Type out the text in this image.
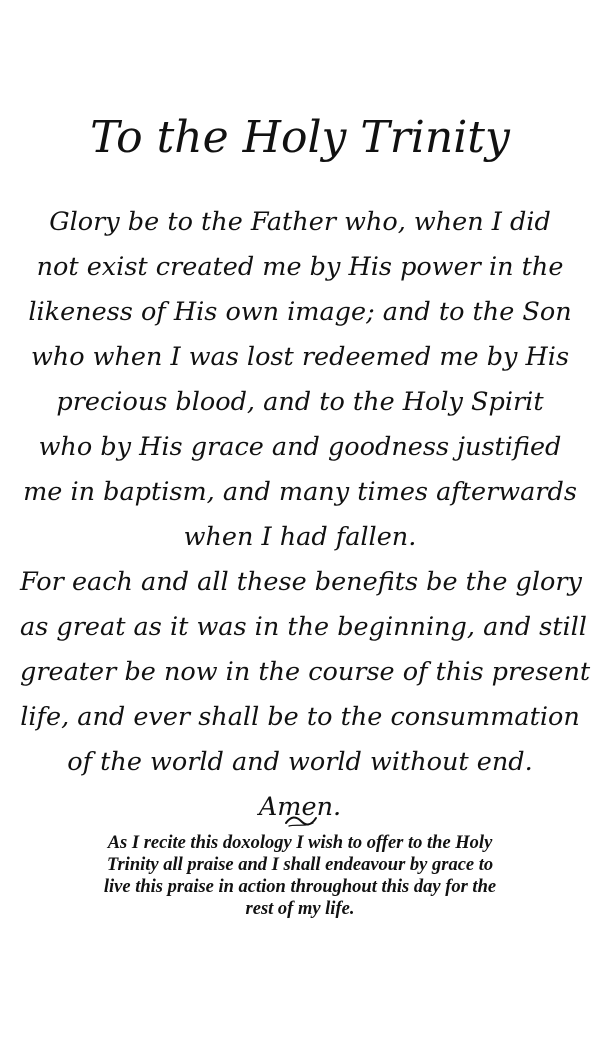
To the Holy Trinity

Glory be to the Father who, when I did
not exist created me by His power in the
likeness of His own image; and to the Son
who when I was lost redeemed me by His
precious blood, and to the Holy Spirit
who by His grace and goodness justified
me in baptism, and many times afterwards
when I had fallen.
For each and all these benefits be the glory
as great as it was in the beginning, and still
greater be now in the course of this present
life, and ever shall be to the consummation
of the world and world without end.
Amen.

As I recite this doxology I wish to offer to the Holy
Trinity all praise and I shall endeavour by grace to
live this praise in action throughout this day for the
rest of my life.
